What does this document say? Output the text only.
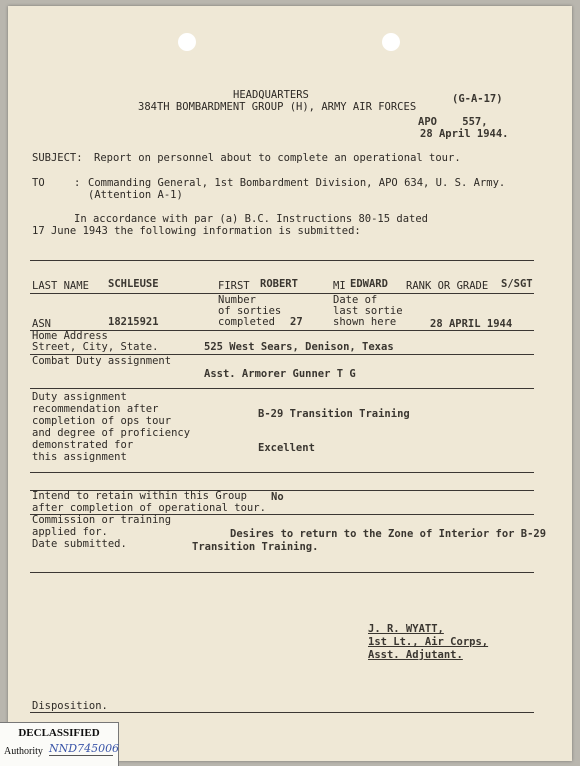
HEADQUARTERS
384TH BOMBARDMENT GROUP (H), ARMY AIR FORCES
(G-A-17)
APO    557,
28 April 1944.
SUBJECT: Report on personnel about to complete an operational tour.
TO	: Commanding General, 1st Bombardment Division, APO 634, U. S. Army.
(Attention A-1)
In accordance with par (a) B.C. Instructions 80-15 dated
17 June 1943 the following information is submitted:
LAST NAME SCHLEUSE	FIRST ROBERT	MI EDWARD RANK OR GRADE S/SGT
Number
of sorties
completed 27
Date of
last sortie
shown here	28 APRIL 1944
ASN	18215921
Home Address
Street, City, State.	525 West Sears, Denison, Texas
Combat Duty assignment
Asst. Armorer Gunner T G
Duty assignment
recommendation after
completion of ops tour
and degree of proficiency
demonstrated for
this assignment
B-29 Transition Training
Excellent
Intend to retain within this Group No
after completion of operational tour.
Commission or training
applied for.
Date submitted.
Desires to return to the Zone of Interior for B-29
Transition Training.
J. R. WYATT,
1st Lt., Air Corps,
Asst. Adjutant.
Disposition.
DECLASSIFIED
Authority NND745006
